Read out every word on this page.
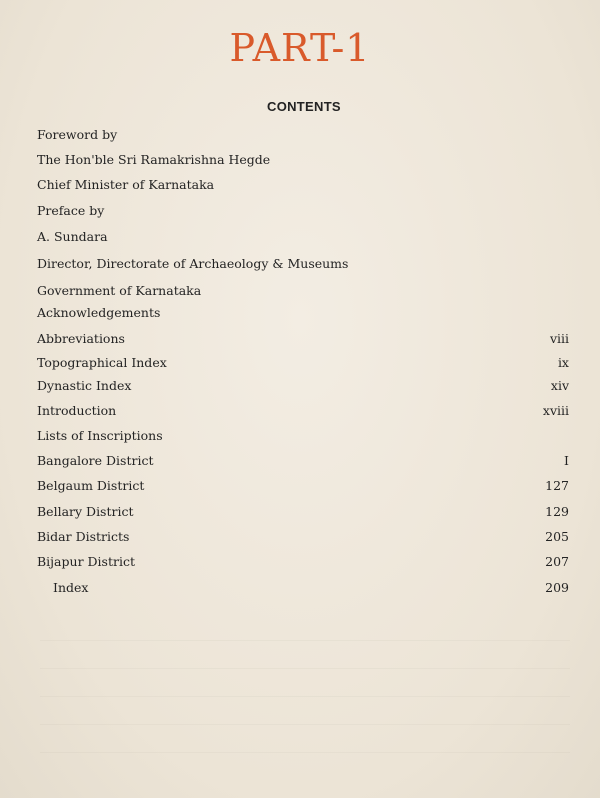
PART-1
CONTENTS
Foreword by
The Hon'ble Sri Ramakrishna Hegde
Chief Minister of Karnataka
Preface by
A. Sundara
Director, Directorate of Archaeology & Museums
Government of Karnataka
Acknowledgements
Abbreviations	viii
Topographical Index	ix
Dynastic Index	xiv
Introduction	xviii
Lists of Inscriptions
Bangalore District	I
Belgaum District	127
Bellary District	129
Bidar Districts	205
Bijapur District	207
Index	209
